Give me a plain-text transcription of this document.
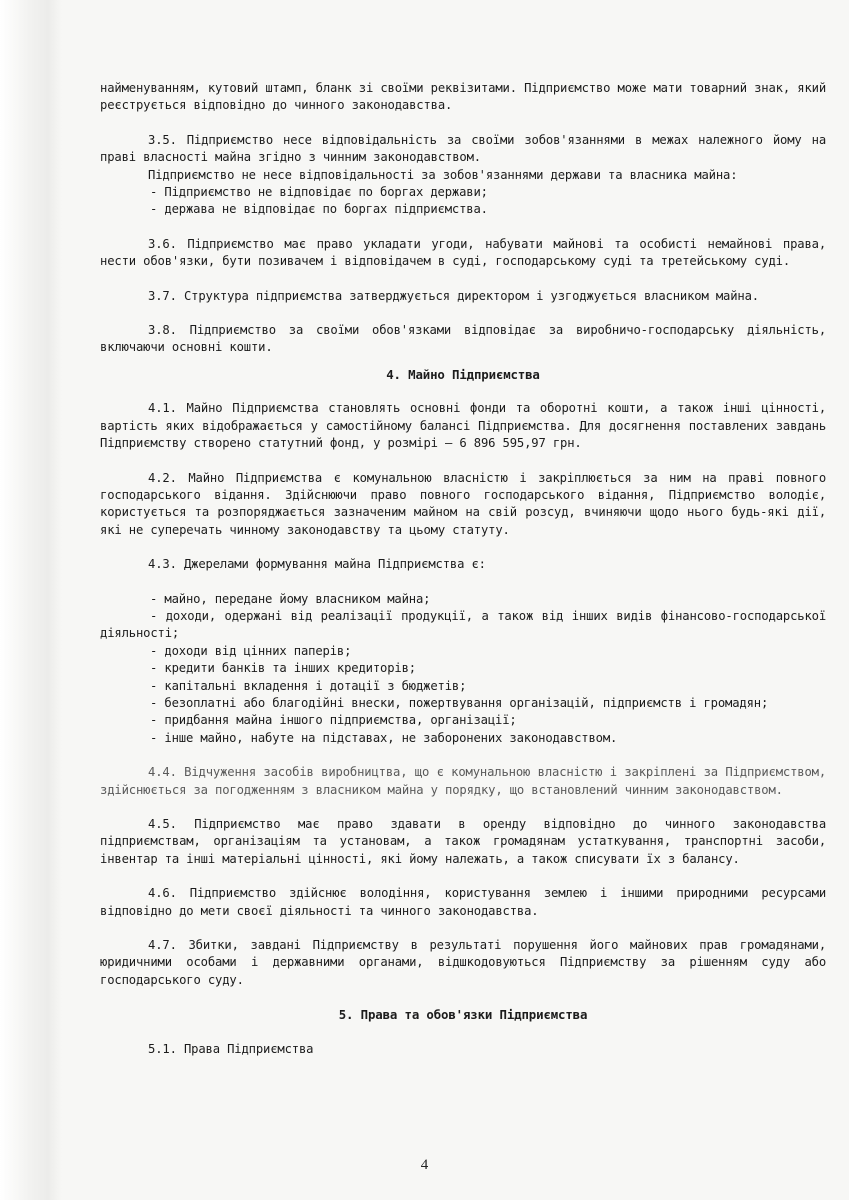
найменуванням, кутовий штамп, бланк зі своїми реквізитами. Підприємство може мати товарний знак, який реєструється відповідно до чинного законодавства.

3.5. Підприємство несе відповідальність за своїми зобов'язаннями в межах належного йому на праві власності майна згідно з чинним законодавством.

Підприємство не несе відповідальності за зобов'язаннями держави та власника майна:

- Підприємство не відповідає по боргах держави;

- держава не відповідає по боргах підприємства.

3.6. Підприємство має право укладати угоди, набувати майнові та особисті немайнові права, нести обов'язки, бути позивачем і відповідачем в суді, господарському суді та третейському суді.

3.7. Структура підприємства затверджується директором і узгоджується власником майна.

3.8. Підприємство за своїми обов'язками відповідає за виробничо-господарську діяльність, включаючи основні кошти.

4. Майно Підприємства

4.1. Майно Підприємства становлять основні фонди та оборотні кошти, а також інші цінності, вартість яких відображається у самостійному балансі Підприємства. Для досягнення поставлених завдань Підприємству створено статутний фонд, у розмірі – 6 896 595,97 грн.

4.2. Майно Підприємства є комунальною власністю і закріплюється за ним на праві повного господарського відання. Здійснюючи право повного господарського відання, Підприємство володіє, користується та розпоряджається зазначеним майном на свій розсуд, вчиняючи щодо нього будь-які дії, які не суперечать чинному законодавству та цьому статуту.

4.3. Джерелами формування майна Підприємства є:

- майно, передане йому власником майна;

- доходи, одержані від реалізації продукції, а також від інших видів фінансово-господарської діяльності;

- доходи від цінних паперів;

- кредити банків та інших кредиторів;

- капітальні вкладення і дотації з бюджетів;

- безоплатні або благодійні внески, пожертвування організацій, підприємств і громадян;

- придбання майна іншого підприємства, організації;

- інше майно, набуте на підставах, не заборонених законодавством.

4.4. Відчуження засобів виробництва, що є комунальною власністю і закріплені за Підприємством, здійснюється за погодженням з власником майна у порядку, що встановлений чинним законодавством.

4.5. Підприємство має право здавати в оренду відповідно до чинного законодавства підприємствам, організаціям та установам, а також громадянам устаткування, транспортні засоби, інвентар та інші матеріальні цінності, які йому належать, а також списувати їх з балансу.

4.6. Підприємство здійснює володіння, користування землею і іншими природними ресурсами відповідно до мети своєї діяльності та чинного законодавства.

4.7. Збитки, завдані Підприємству в результаті порушення його майнових прав громадянами, юридичними особами і державними органами, відшкодовуються Підприємству за рішенням суду або господарського суду.

5. Права та обов'язки Підприємства

5.1. Права Підприємства

4
